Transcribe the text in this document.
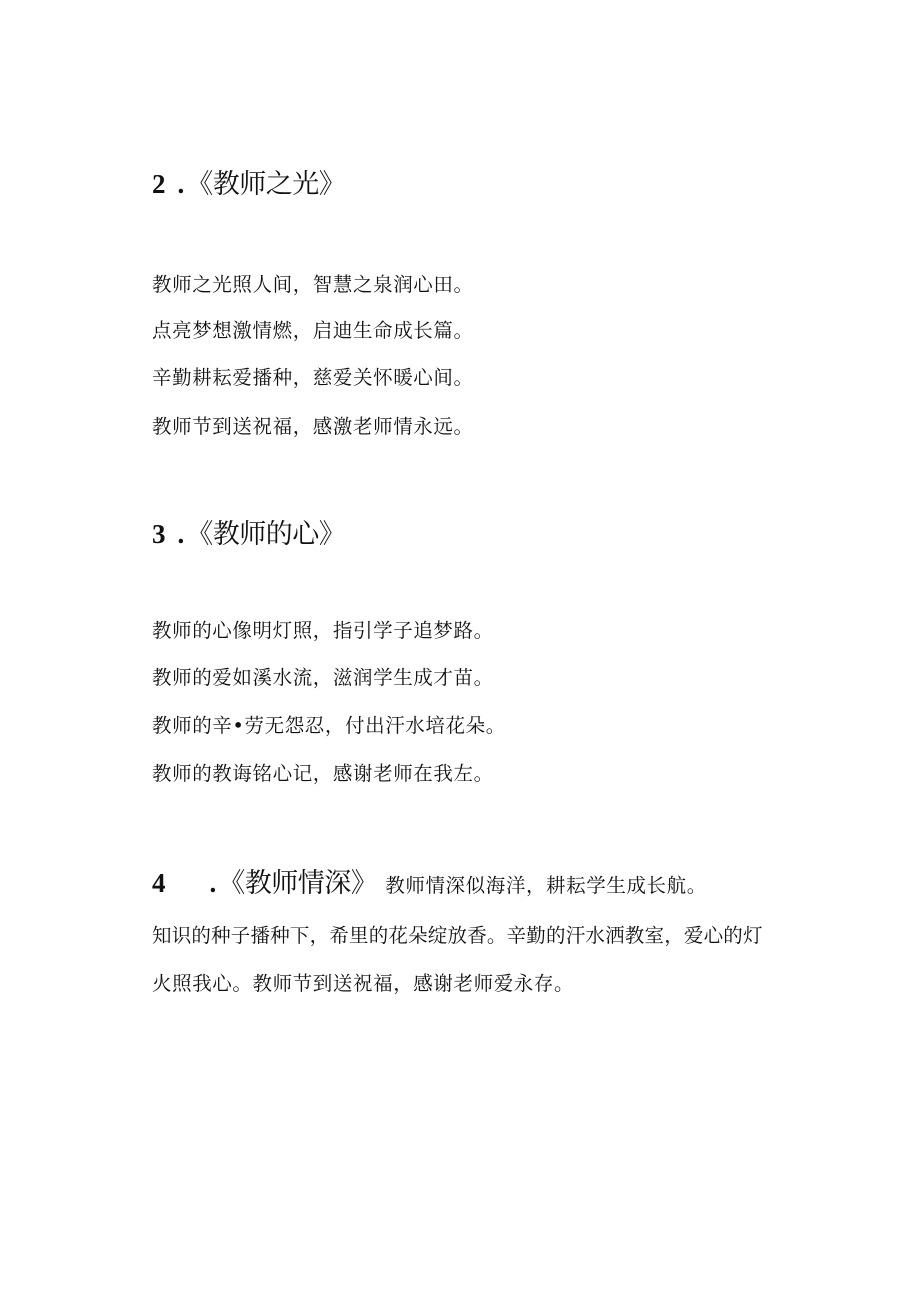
2 .《教师之光》
教师之光照人间，智慧之泉润心田。
点亮梦想激情燃，启迪生命成长篇。
辛勤耕耘爱播种，慈爱关怀暖心间。
教师节到送祝福，感激老师情永远。
3 .《教师的心》
教师的心像明灯照，指引学子追梦路。
教师的爱如溪水流，滋润学生成才苗。
教师的辛•劳无怨忍，付出汗水培花朵。
教师的教诲铭心记，感谢老师在我左。
4 .《教师情深》 教师情深似海洋，耕耘学生成长航。
知识的种子播种下，希里的花朵绽放香。辛勤的汗水洒教室，爱心的灯
火照我心。教师节到送祝福，感谢老师爱永存。
